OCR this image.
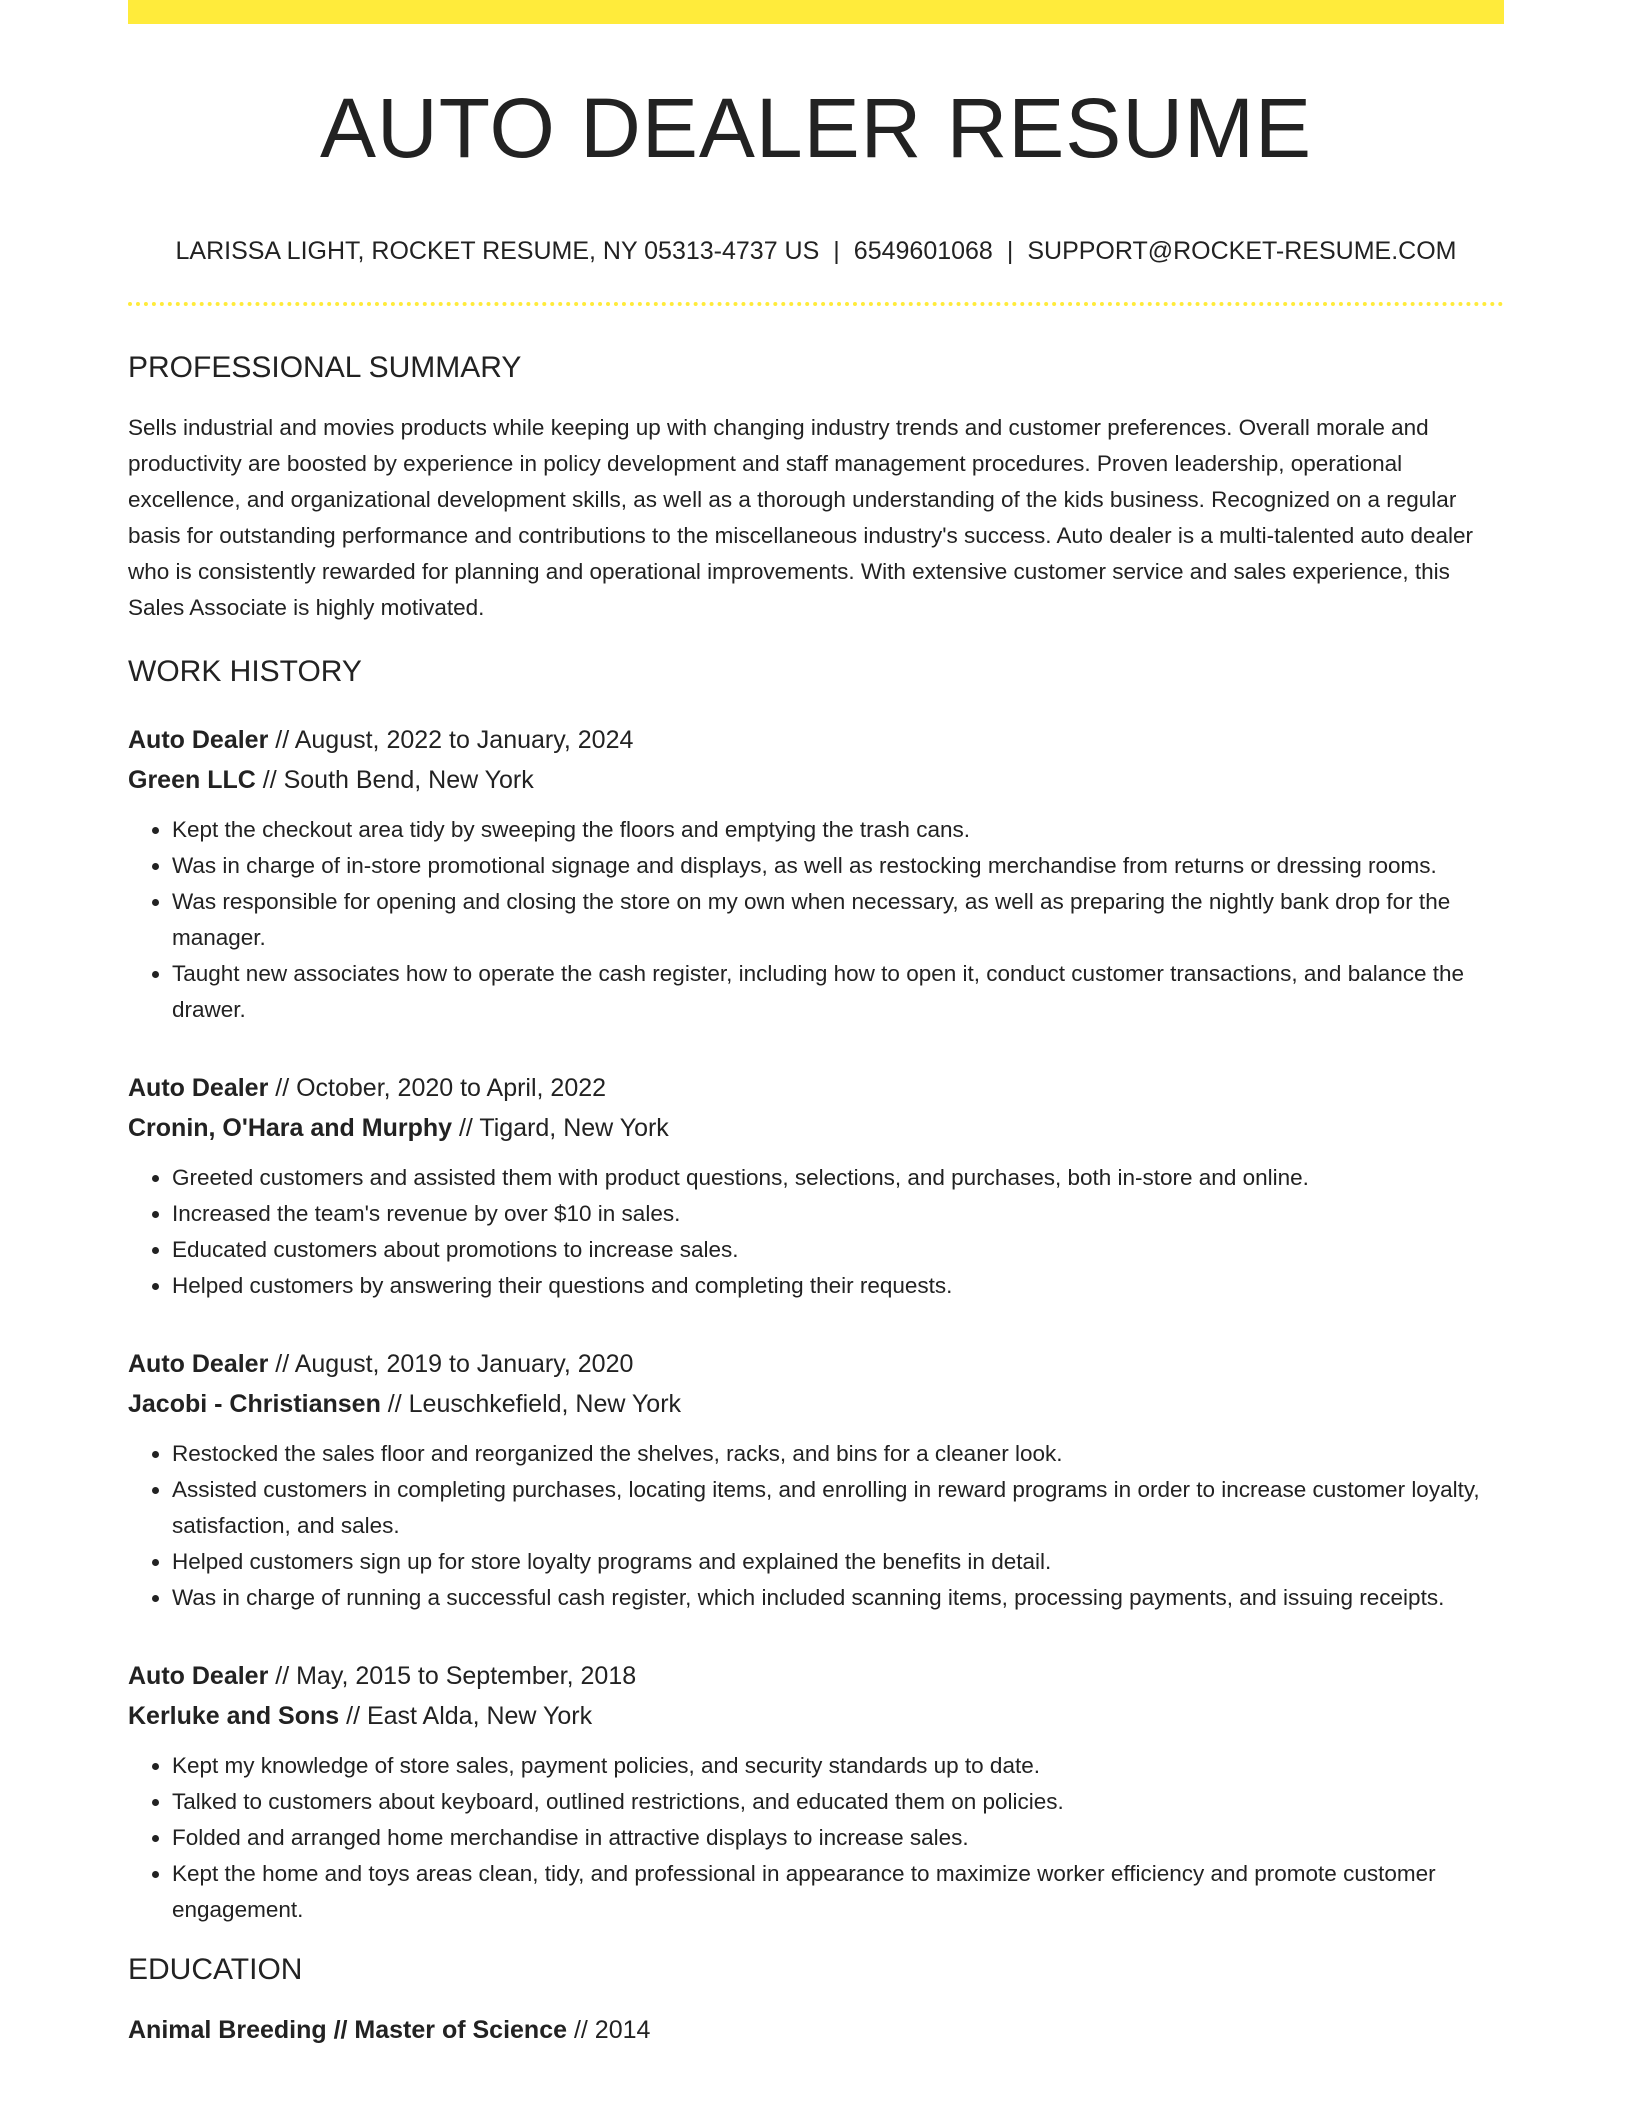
AUTO DEALER RESUME
LARISSA LIGHT, ROCKET RESUME, NY 05313-4737 US | 6549601068 | SUPPORT@ROCKET-RESUME.COM
PROFESSIONAL SUMMARY

Sells industrial and movies products while keeping up with changing industry trends and customer preferences. Overall morale and productivity are boosted by experience in policy development and staff management procedures. Proven leadership, operational excellence, and organizational development skills, as well as a thorough understanding of the kids business. Recognized on a regular basis for outstanding performance and contributions to the miscellaneous industry's success. Auto dealer is a multi-talented auto dealer who is consistently rewarded for planning and operational improvements. With extensive customer service and sales experience, this Sales Associate is highly motivated.

WORK HISTORY
Auto Dealer // August, 2022 to January, 2024
Green LLC // South Bend, New York
• Kept the checkout area tidy by sweeping the floors and emptying the trash cans.
• Was in charge of in-store promotional signage and displays, as well as restocking merchandise from returns or dressing rooms.
• Was responsible for opening and closing the store on my own when necessary, as well as preparing the nightly bank drop for the manager.
• Taught new associates how to operate the cash register, including how to open it, conduct customer transactions, and balance the drawer.
Auto Dealer // October, 2020 to April, 2022
Cronin, O'Hara and Murphy // Tigard, New York
• Greeted customers and assisted them with product questions, selections, and purchases, both in-store and online.
• Increased the team's revenue by over $10 in sales.
• Educated customers about promotions to increase sales.
• Helped customers by answering their questions and completing their requests.
Auto Dealer // August, 2019 to January, 2020
Jacobi - Christiansen // Leuschkefield, New York
• Restocked the sales floor and reorganized the shelves, racks, and bins for a cleaner look.
• Assisted customers in completing purchases, locating items, and enrolling in reward programs in order to increase customer loyalty, satisfaction, and sales.
• Helped customers sign up for store loyalty programs and explained the benefits in detail.
• Was in charge of running a successful cash register, which included scanning items, processing payments, and issuing receipts.
Auto Dealer // May, 2015 to September, 2018
Kerluke and Sons // East Alda, New York
• Kept my knowledge of store sales, payment policies, and security standards up to date.
• Talked to customers about keyboard, outlined restrictions, and educated them on policies.
• Folded and arranged home merchandise in attractive displays to increase sales.
• Kept the home and toys areas clean, tidy, and professional in appearance to maximize worker efficiency and promote customer engagement.
EDUCATION
Animal Breeding // Master of Science // 2014
